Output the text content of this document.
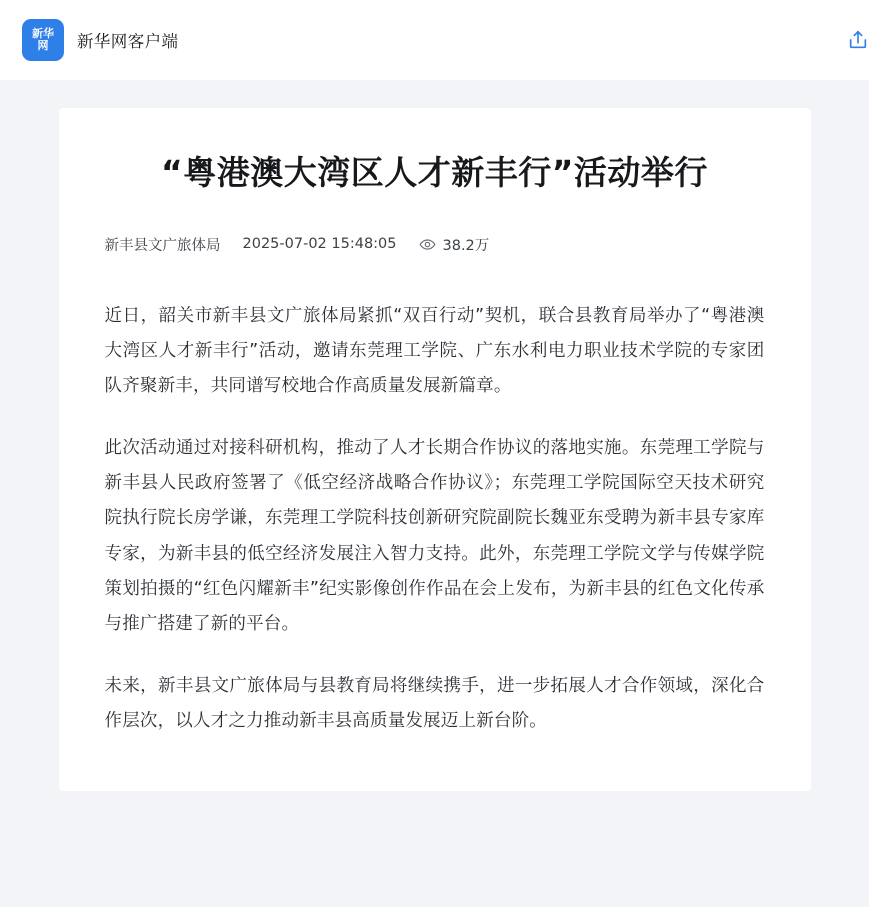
新华网	新华网客户端
“粤港澳大湾区人才新丰行”活动举行
新丰县文广旅体局 2025-07-02 15:48:05	38.2万

近日，韶关市新丰县文广旅体局紧抓“双百行动”契机，联合县教育局举办了“粤港澳大湾区人才新丰行”活动，邀请东莞理工学院、广东水利电力职业技术学院的专家团队齐聚新丰，共同谱写校地合作高质量发展新篇章。

此次活动通过对接科研机构，推动了人才长期合作协议的落地实施。东莞理工学院与新丰县人民政府签署了《低空经济战略合作协议》；东莞理工学院国际空天技术研究院执行院长房学谦，东莞理工学院科技创新研究院副院长魏亚东受聘为新丰县专家库专家，为新丰县的低空经济发展注入智力支持。此外，东莞理工学院文学与传媒学院策划拍摄的“红色闪耀新丰”纪实影像创作作品在会上发布，为新丰县的红色文化传承与推广搭建了新的平台。

未来，新丰县文广旅体局与县教育局将继续携手，进一步拓展人才合作领域，深化合作层次，以人才之力推动新丰县高质量发展迈上新台阶。
